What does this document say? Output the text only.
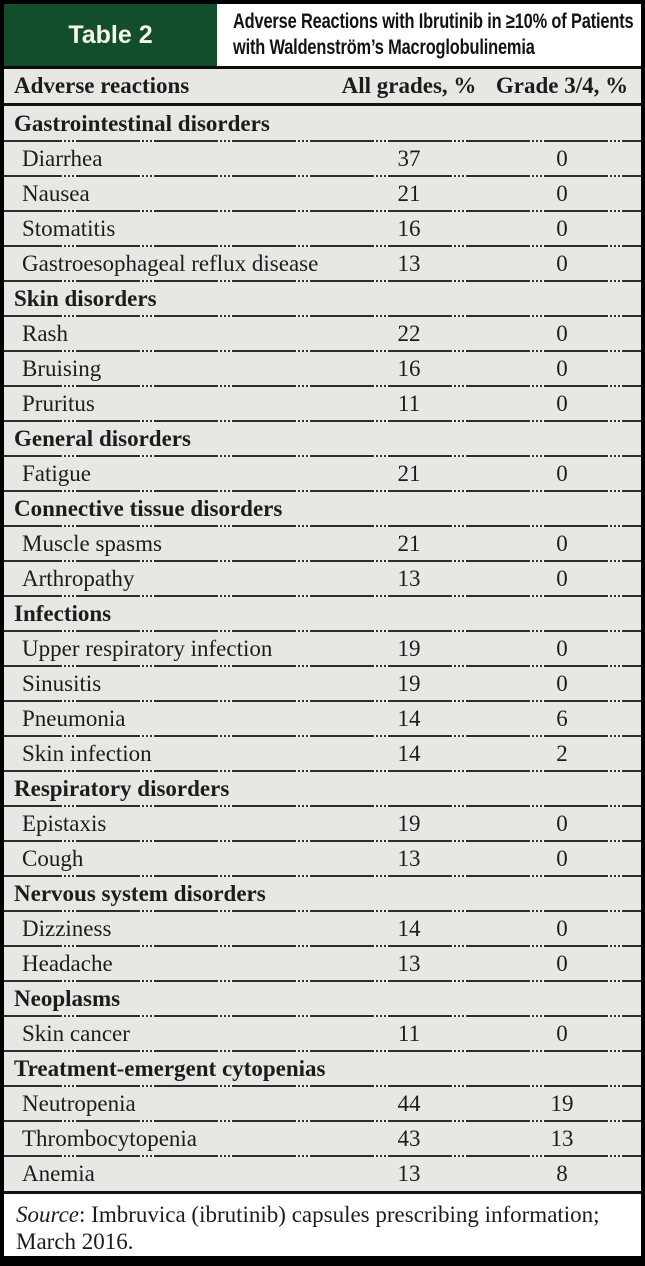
Table 2	Adverse Reactions with Ibrutinib in ≥10% of Patients
with Waldenström’s Macroglobulinemia
Adverse reactions	All grades, % Grade 3/4, %
Gastrointestinal disorders
Diarrhea	37	0
Nausea	21	0
Stomatitis	16	0
Gastroesophageal reflux disease	13	0
Skin disorders
Rash	22	0
Bruising	16	0
Pruritus	11	0
General disorders
Fatigue	21	0
Connective tissue disorders
Muscle spasms	21	0
Arthropathy	13	0
Infections
Upper respiratory infection	19	0
Sinusitis	19	0
Pneumonia	14	6
Skin infection	14	2
Respiratory disorders
Epistaxis	19	0
Cough	13	0
Nervous system disorders
Dizziness	14	0
Headache	13	0
Neoplasms
Skin cancer	11	0
Treatment-emergent cytopenias
Neutropenia	44	19
Thrombocytopenia	43	13
Anemia	13	8
Source: Imbruvica (ibrutinib) capsules prescribing information;
March 2016.
